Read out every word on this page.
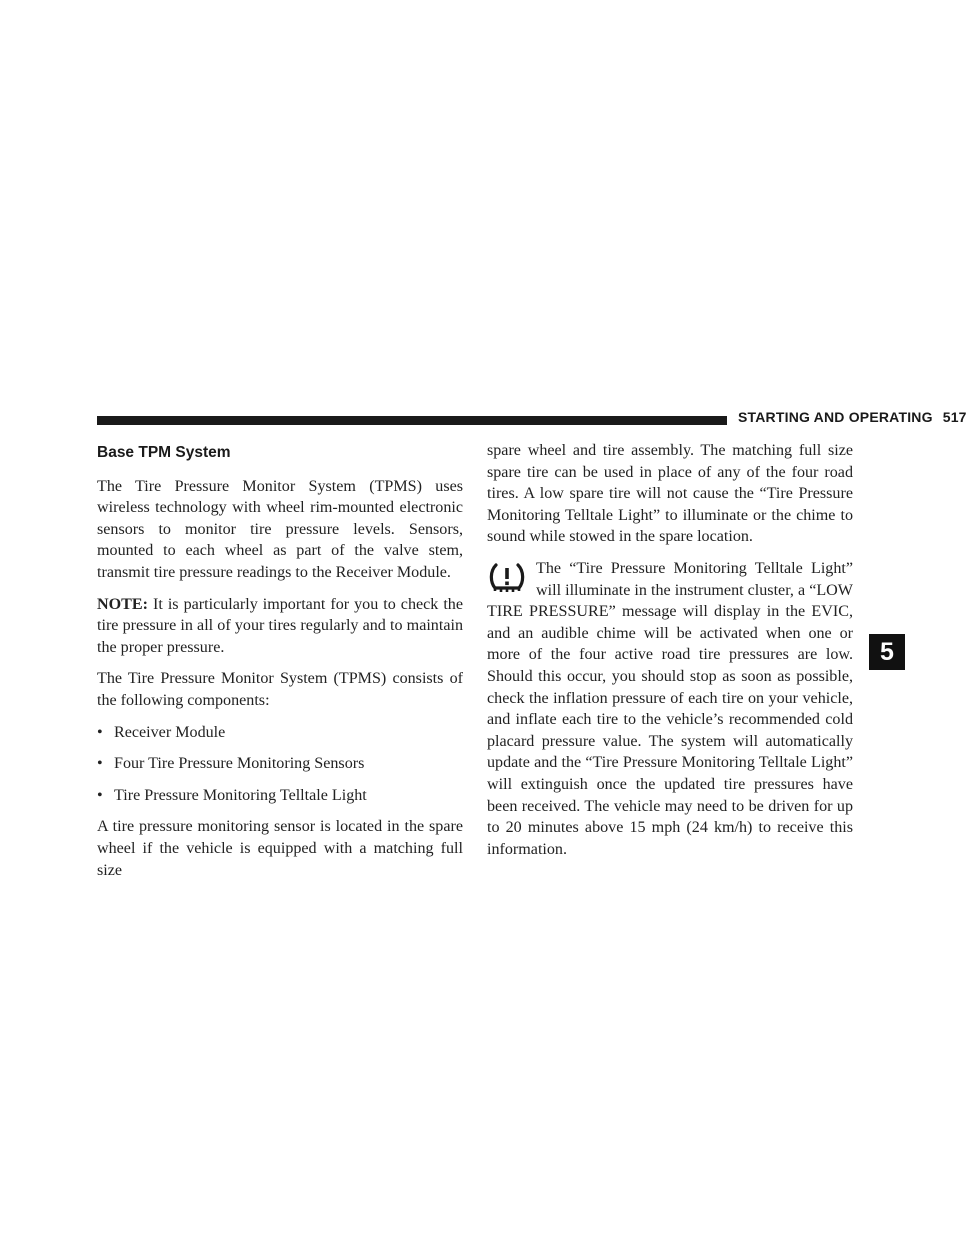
STARTING AND OPERATING 517
Base TPM System

The Tire Pressure Monitor System (TPMS) uses wireless technology with wheel rim-mounted electronic sensors to monitor tire pressure levels. Sensors, mounted to each wheel as part of the valve stem, transmit tire pressure readings to the Receiver Module.

NOTE: It is particularly important for you to check the tire pressure in all of your tires regularly and to maintain the proper pressure.

The Tire Pressure Monitor System (TPMS) consists of the following components:

• Receiver Module
• Four Tire Pressure Monitoring Sensors
• Tire Pressure Monitoring Telltale Light

A tire pressure monitoring sensor is located in the spare wheel if the vehicle is equipped with a matching full size

spare wheel and tire assembly. The matching full size spare tire can be used in place of any of the four road tires. A low spare tire will not cause the “Tire Pressure Monitoring Telltale Light” to illuminate or the chime to sound while stowed in the spare location.

The “Tire Pressure Monitoring Telltale Light” will illuminate in the instrument cluster, a “LOW TIRE PRESSURE” message will display in the EVIC, and an audible chime will be activated when one or more of the four active road tire pressures are low. Should this occur, you should stop as soon as possible, check the inflation pressure of each tire on your vehicle, and inflate each tire to the vehicle’s recommended cold placard pressure value. The system will automatically update and the “Tire Pressure Monitoring Telltale Light” will extinguish once the updated tire pressures have been received. The vehicle may need to be driven for up to 20 minutes above 15 mph (24 km/h) to receive this information.

5
